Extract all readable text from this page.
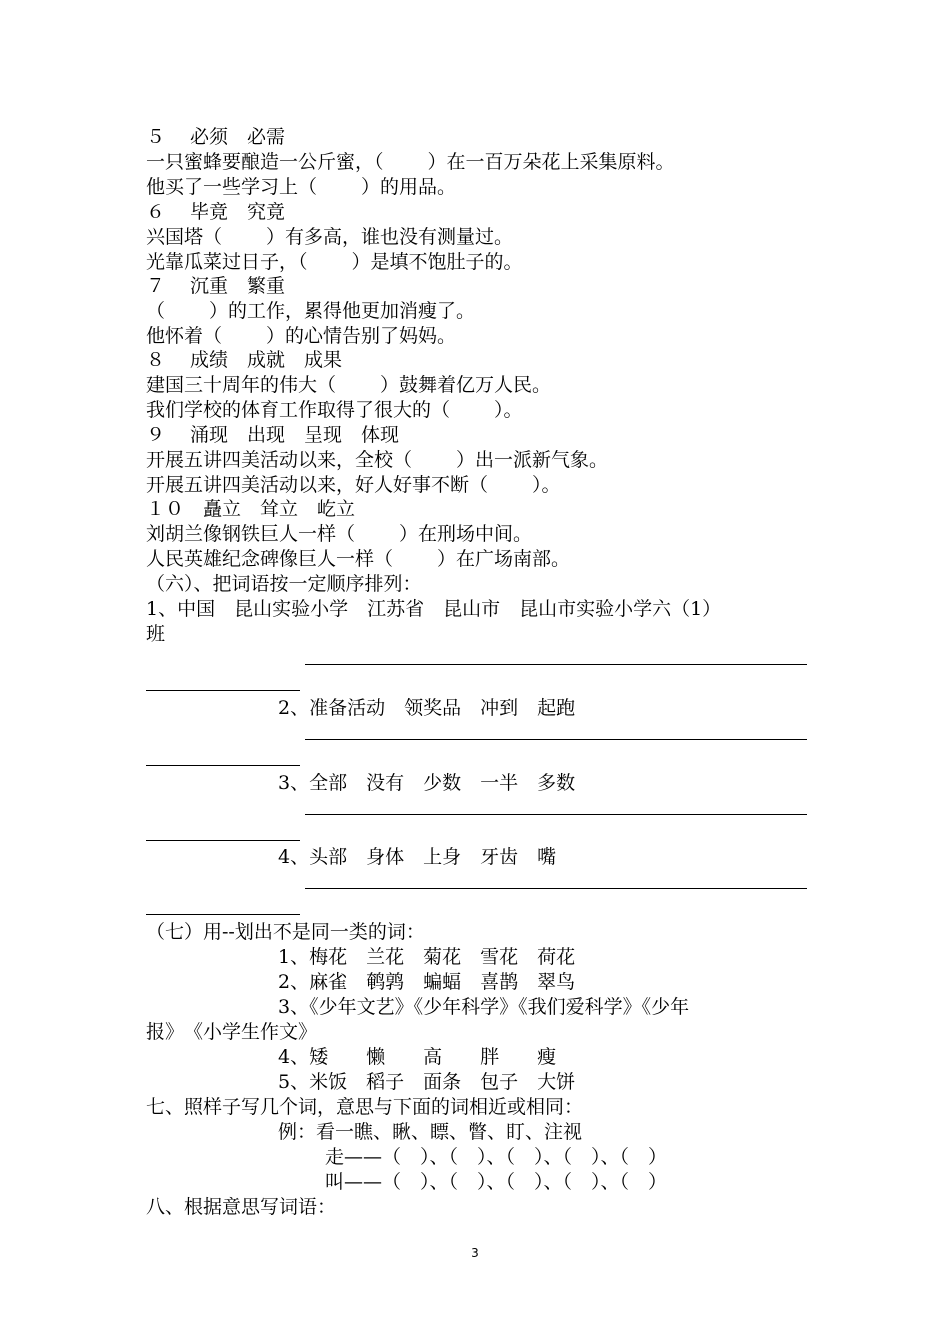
５　 必须　必需
一只蜜蜂要酿造一公斤蜜，（　　 ）在一百万朵花上采集原料。
他买了一些学习上（　　 ）的用品。
６　 毕竟　究竟
兴国塔（　　 ）有多高，谁也没有测量过。
光靠瓜菜过日子，（　　 ）是填不饱肚子的。
７　 沉重　繁重
（　　 ）的工作，累得他更加消瘦了。
他怀着（　　 ）的心情告别了妈妈。
８　 成绩　成就　成果
建国三十周年的伟大（　　 ）鼓舞着亿万人民。
我们学校的体育工作取得了很大的（　　 ）。
９　 涌现　出现　呈现　体现
开展五讲四美活动以来，全校（　　 ）出一派新气象。
开展五讲四美活动以来，好人好事不断（　　 ）。
１０　矗立　耸立　屹立
刘胡兰像钢铁巨人一样（　　 ）在刑场中间。
人民英雄纪念碑像巨人一样（　　 ）在广场南部。
（六）、把词语按一定顺序排列：
1、中国　昆山实验小学　江苏省　昆山市　昆山市实验小学六（1）
班
2、准备活动　领奖品　冲到　起跑
3、全部　没有　少数　一半　多数
4、头部　身体　上身　牙齿　嘴
（七）用--划出不是同一类的词：
1、梅花　兰花　菊花　雪花　荷花
2、麻雀　鹌鹑　蝙蝠　喜鹊　翠鸟
3、《少年文艺》《少年科学》《我们爱科学》《少年
报》　《小学生作文》
4、矮　　懒　　高　　胖　　瘦
5、米饭　稻子　面条　包子　大饼
七、照样子写几个词，意思与下面的词相近或相同：
例：看一瞧、瞅、瞟、瞥、盯、注视
走——（　）、（　）、（　）、（　）、（　）
叫——（　）、（　）、（　）、（　）、（　）
八、根据意思写词语：
3
